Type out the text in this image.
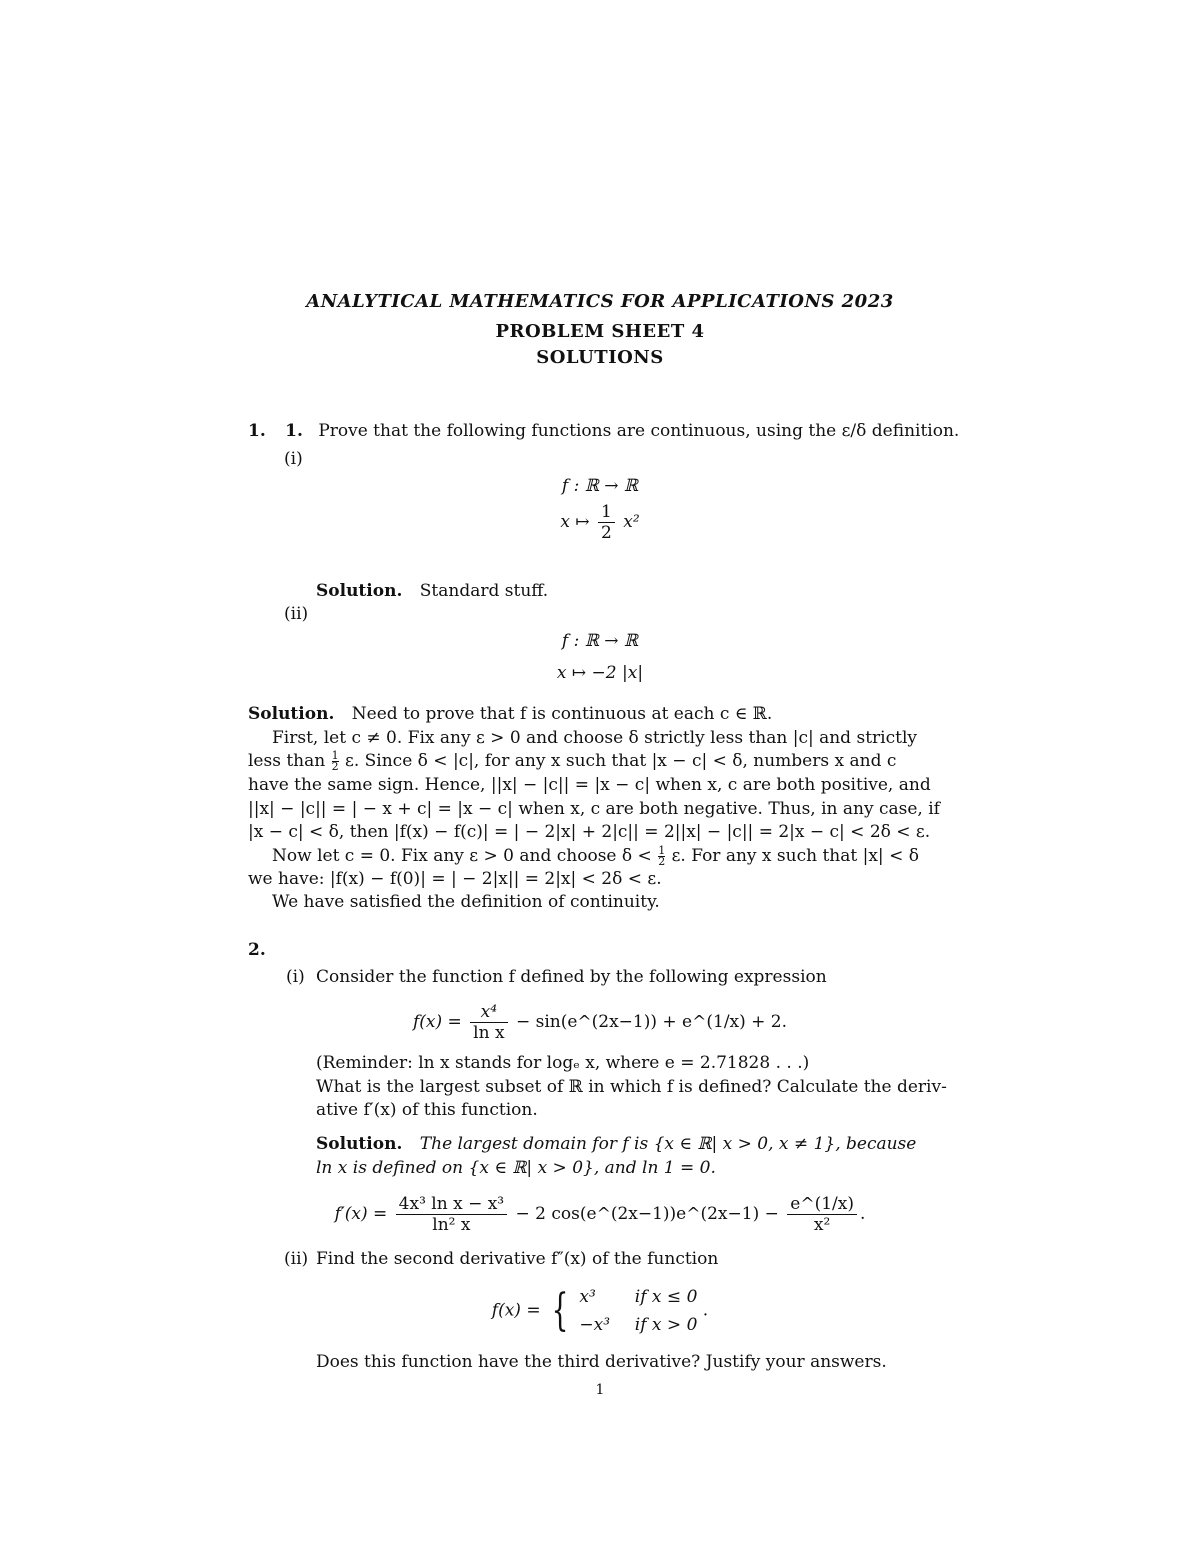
ANALYTICAL MATHEMATICS FOR APPLICATIONS 2023
PROBLEM SHEET 4
SOLUTIONS
1. 1. Prove that the following functions are continuous, using the ε/δ definition.
(i)
f : ℝ → ℝ
x ↦ $\frac{1}{2} x^2$
Solution. Standard stuff.
(ii)
f : ℝ → ℝ
x ↦ −2 |x|
Solution. Need to prove that f is continuous at each c ∈ ℝ.
First, let c ≠ 0. Fix any ε > 0 and choose δ strictly less than |c| and strictly
less than $\frac{1}{2} \varepsilon$. Since δ < |c|, for any x such that |x − c| < δ, numbers x and c
have the same sign. Hence, ||x| − |c|| = |x − c| when x, c are both positive, and
||x| − |c|| = | − x + c| = |x − c| when x, c are both negative. Thus, in any case, if
|x − c| < δ, then |f(x) − f(c)| = | − 2|x| + 2|c|| = 2||x| − |c|| = 2|x − c| < 2δ < ε.
Now let c = 0. Fix any ε > 0 and choose $\delta < \frac{1}{2} \varepsilon$. For any x such that |x| < δ
we have: |f(x) − f(0)| = | − 2|x|| = 2|x| < 2δ < ε.
We have satisfied the definition of continuity.
2.
(i) Consider the function f defined by the following expression
$f(x) = \frac{\text{x⁴}}{\text{ln x}}$ − sin(e^(2x−1)) + e^(1/x) + 2.
(Reminder: ln x stands for logₑ x, where e = 2.71828 . . .)
What is the largest subset of ℝ in which f is defined? Calculate the deriv-
ative f′(x) of this function.
Solution. The largest domain for f is {x ∈ ℝ| x > 0, x ≠ 1}, because
ln x is defined on {x ∈ ℝ| x > 0}, and ln 1 = 0.
$f'(x) = \frac{\text{4x³ ln x − x³}}{\text{ln² x}} - 2$ cos(e^(2x−1))e^(2x−1) − $\frac{e\^{}(1/x)}{\text{x²}}$ .
(ii) Find the second derivative f″(x) of the function
f(x) = { x³ if x ≤ 0
−x³ if x > 0
.
Does this function have the third derivative? Justify your answers.
1
